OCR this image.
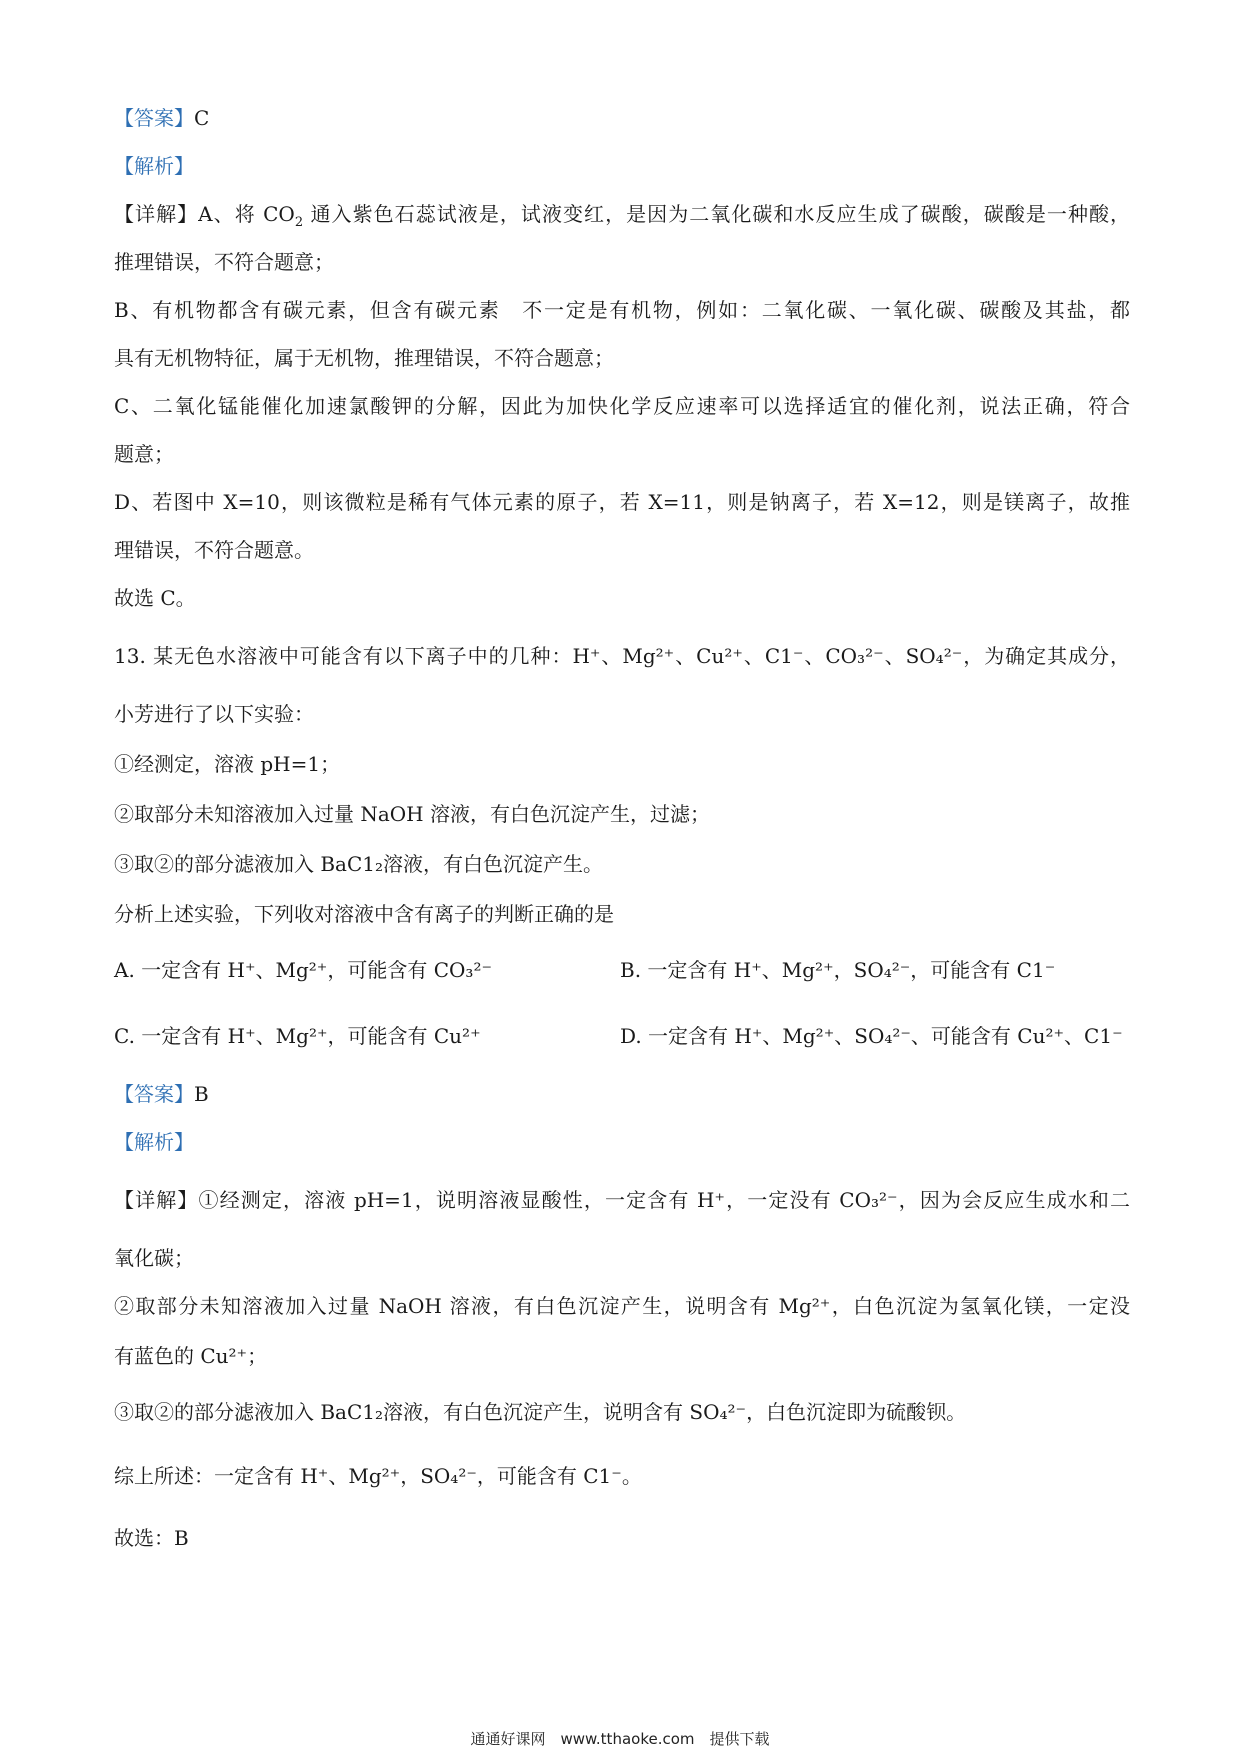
【答案】C
【解析】
【详解】A、将 $CO_2$ 通入紫色石蕊试液是，试液变红，是因为二氧化碳和水反应生成了碳酸，碳酸是一种酸，
推理错误，不符合题意；
B、有机物都含有碳元素，但含有碳元素　不一定是有机物，例如：二氧化碳、一氧化碳、碳酸及其盐，都
具有无机物特征，属于无机物，推理错误，不符合题意；
C、二氧化锰能催化加速氯酸钾的分解，因此为加快化学反应速率可以选择适宜的催化剂，说法正确，符合
题意；
D、若图中 X=10，则该微粒是稀有气体元素的原子，若 X=11，则是钠离子，若 X=12，则是镁离子，故推
理错误，不符合题意。
故选 C。
13. 某无色水溶液中可能含有以下离子中的几种：H⁺、Mg²⁺、Cu²⁺、C1⁻、CO₃²⁻、SO₄²⁻，为确定其成分，
小芳进行了以下实验：
①经测定，溶液 pH=1；
②取部分未知溶液加入过量 NaOH 溶液，有白色沉淀产生，过滤；
③取②的部分滤液加入 BaC1₂溶液，有白色沉淀产生。
分析上述实验，下列收对溶液中含有离子的判断正确的是
A. 一定含有 H⁺、Mg²⁺，可能含有 CO₃²⁻	B. 一定含有 H⁺、Mg²⁺，SO₄²⁻，可能含有 C1⁻
C. 一定含有 H⁺、Mg²⁺，可能含有 Cu²⁺	D. 一定含有 H⁺、Mg²⁺、SO₄²⁻、可能含有 Cu²⁺、C1⁻
【答案】B
【解析】
【详解】①经测定，溶液 pH=1，说明溶液显酸性，一定含有 H⁺，一定没有 CO₃²⁻，因为会反应生成水和二
氧化碳；
②取部分未知溶液加入过量 NaOH 溶液，有白色沉淀产生，说明含有 Mg²⁺，白色沉淀为氢氧化镁，一定没
有蓝色的 Cu²⁺；
③取②的部分滤液加入 BaC1₂溶液，有白色沉淀产生，说明含有 SO₄²⁻，白色沉淀即为硫酸钡。
综上所述：一定含有 H⁺、Mg²⁺，SO₄²⁻，可能含有 C1⁻。
故选：B
通通好课网　www.tthaoke.com　提供下载
